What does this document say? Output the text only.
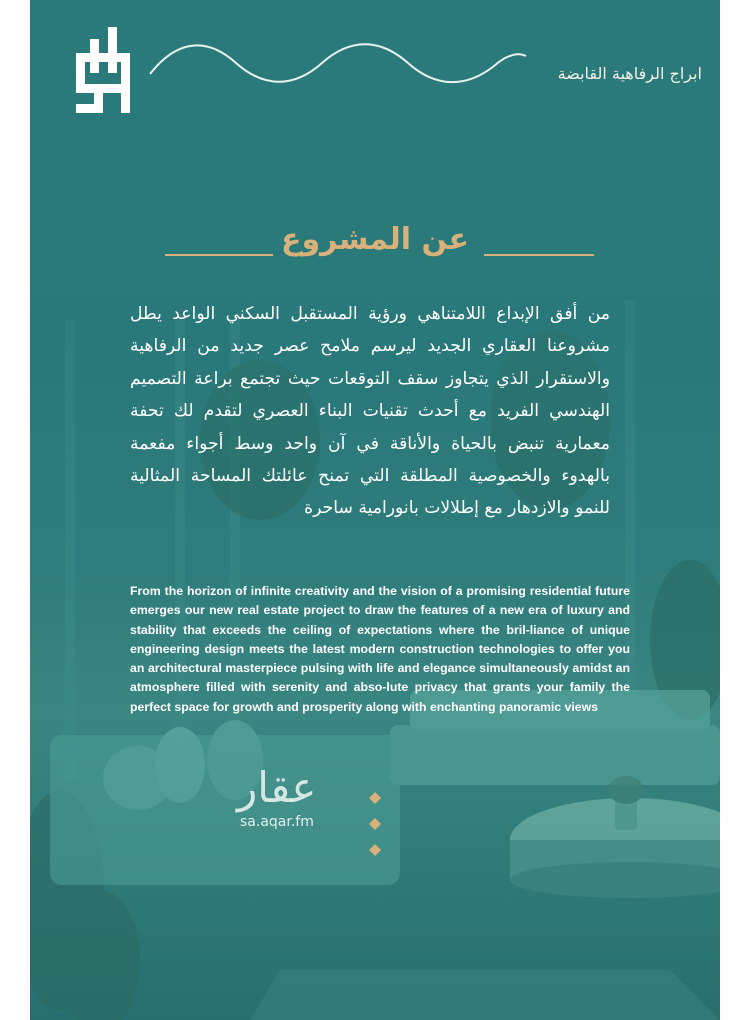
ابراج الرفاهية القابضة
عن المشروع
من أفق الإبداع اللامتناهي ورؤية المستقبل السكني الواعد يطل مشروعنا العقاري الجديد ليرسم ملامح عصر جديد من الرفاهية والاستقرار الذي يتجاوز سقف التوقعات حيث تجتمع براعة التصميم الهندسي الفريد مع أحدث تقنيات البناء العصري لتقدم لك تحفة معمارية تنبض بالحياة والأناقة في آن واحد وسط أجواء مفعمة بالهدوء والخصوصية المطلقة التي تمنح عائلتك المساحة المثالية للنمو والازدهار مع إطلالات بانورامية ساحرة
From the horizon of infinite creativity and the vision of a promising residential future emerges our new real estate project to draw the features of a new era of luxury and stability that exceeds the ceiling of expectations where the bril-liance of unique engineering design meets the latest modern construction technologies to offer you an architectural masterpiece pulsing with life and elegance simultaneously amidst an atmosphere filled with serenity and abso-lute privacy that grants your family the perfect space for growth and prosperity along with enchanting panoramic views
عقار
sa.aqar.fm
